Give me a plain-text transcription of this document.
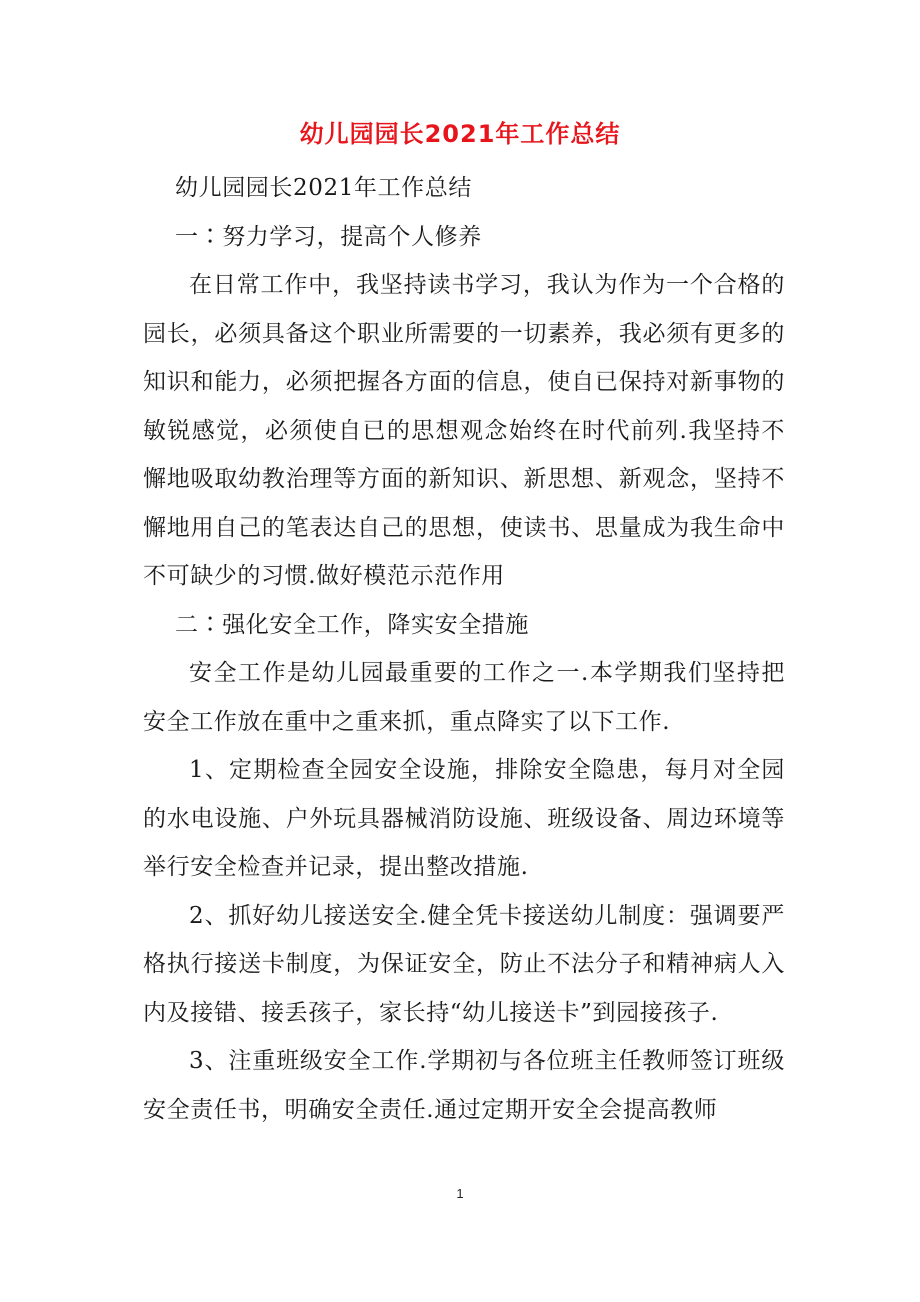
幼儿园园长2021年工作总结

幼儿园园长2021年工作总结

一∶努力学习，提高个人修养

在日常工作中，我坚持读书学习，我认为作为一个合格的园长，必须具备这个职业所需要的一切素养，我必须有更多的知识和能力，必须把握各方面的信息，使自已保持对新事物的敏锐感觉，必须使自已的思想观念始终在时代前列.我坚持不懈地吸取幼教治理等方面的新知识、新思想、新观念，坚持不懈地用自己的笔表达自己的思想，使读书、思量成为我生命中不可缺少的习惯.做好模范示范作用

二∶强化安全工作，降实安全措施

安全工作是幼儿园最重要的工作之一.本学期我们坚持把安全工作放在重中之重来抓，重点降实了以下工作.

1、定期检查全园安全设施，排除安全隐患，每月对全园的水电设施、户外玩具器械消防设施、班级设备、周边环境等举行安全检查并记录，提出整改措施.

2、抓好幼儿接送安全.健全凭卡接送幼儿制度：强调要严格执行接送卡制度，为保证安全，防止不法分子和精神病人入内及接错、接丢孩子，家长持“幼儿接送卡”到园接孩子.

3、注重班级安全工作.学期初与各位班主任教师签订班级安全责任书，明确安全责任.通过定期开安全会提高教师

1
